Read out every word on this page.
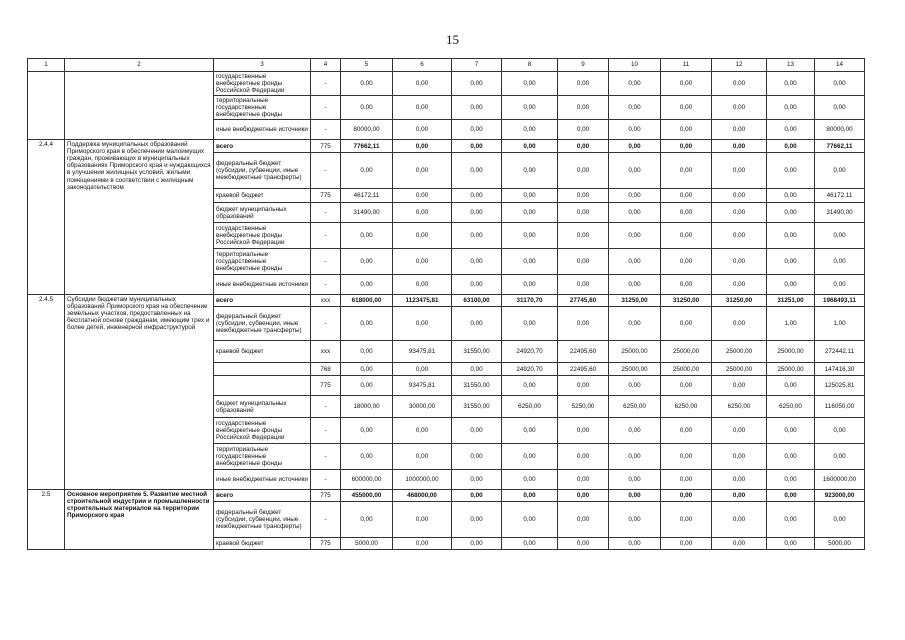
15
1	2	3	4	5	6	7	8	9	10	11	12	13	14
		государственные внебюджетные фонды Российской Федерации	-	0.00	0,00	0,00	0,00	0,00	0,00	0,00	0,00	0,00	0,00
		территориальные государственные внебюджетные фонды	-	0.00	0,00	0,00	0,00	0,00	0,00	0,00	0,00	0,00	0,00
		иные внебюджетные источники	-	80000,00	0,00	0,00	0,00	0,00	0,00	0,00	0,00	0,00	80000,00
2.4.4	Поддержка муниципальных образований Приморского края в обеспечении малоимущих граждан, проживающих в муниципальных образованиях Приморского края и нуждающихся в улучшении жилищных условий, жилыми помещениями в соответствии с жилищным законодательством	всего	775	77662,11	0,00	0,00	0,00	0,00	0,00	0,00	0,00	0,00	77662,11
		федеральный бюджет (субсидии, субвенции, иные межбюджетные трансферты)	-	0,00	0,00	0,00	0,00	0,00	0,00	0,00	0,00	0,00	0,00
		краевой бюджет	775	46172,11	0.00	0,00	0,00	0,00	0,00	0,00	0,00	0,00	46172,11
		бюджет муниципальных образований	-	31490,00	0,00	0,00	0,00	0,00	0,00	0,00	0,00	0,00	31490,00
		государственные внебюджетные фонды Российской Федерации	-	0,00	0,00	0,00	0,00	0,00	0,00	0,00	0,00	0,00	0,00
		территориальные государственные внебюджетные фонды	-	0,00	0,00	0,00	0,00	0,00	0,00	0,00	0,00	0,00	0,00
		иные внебюджетные источники	-	0,00	0,00	0,00	0,00	0,00	0,00	0,00	0,00	0,00	0,00
2.4.5	Субсидии бюджетам муниципальных образований Приморского края на обеспечение земельных участков, предоставленных на бесплатной основе гражданам, имеющим трех и более детей, инженерной инфраструктурой	всего	ххх	618000,00	1123475,81	63100,00	31170,70	27745,60	31250,00	31250,00	31250,00	31251,00	1968493,11
		федеральный бюджет (субсидии, субвенции, иные межбюджетные трансферты)	-	0,00	0,00	0,00	0,00	0,00	0,00	0,00	0,00	1,00	1,00
		краевой бюджет	ххх	0,00	93475,81	31550,00	24920,70	22495,60	25000,00	25000,00	25000,00	25000,00	272442,11
			768	0,00	0,00	0,00	24920,70	22495,60	25000,00	25000,00	25000,00	25000,00	147416,30
			775	0,00	93475,81	31550,00	0,00	0,00	0,00	0,00	0,00	0,00	125025,81
		бюджет муниципальных образований	-	18000,00	30000,00	31550,00	6250,00	5250,00	6250,00	6250,00	6250,00	6250,00	116050,00
		государственные внебюджетные фонды Российской Федерации	-	0,00	0,00	0,00	0,00	0,00	0,00	0,00	0,00	0,00	0,00
		территориальные государственные внебюджетные фонды	-	0,00	0,00	0,00	0,00	0,00	0,00	0,00	0,00	0,00	0,00
		иные внебюджетные источники	-	600000,00	1000000,00	0,00	0,00	0,00	0,00	0,00	0,00	0,00	1600000,00
2.5	Основное мероприятие 5. Развитие местной строительной индустрии и промышленности строительных материалов на территории Приморского края	всего	775	455000,00	468000,00	0,00	0,00	0,00	0,00	0,00	0,00	0,00	923000,00
		федеральный бюджет (субсидии, субвенции, иные межбюджетные трансферты)	-	0,00	0,00	0,00	0,00	0,00	0,00	0,00	0,00	0,00	0,00
		краевой бюджет	775	5000,00	0,00	0,00	0,00	0,00	0,00	0,00	0,00	0,00	5000,00
